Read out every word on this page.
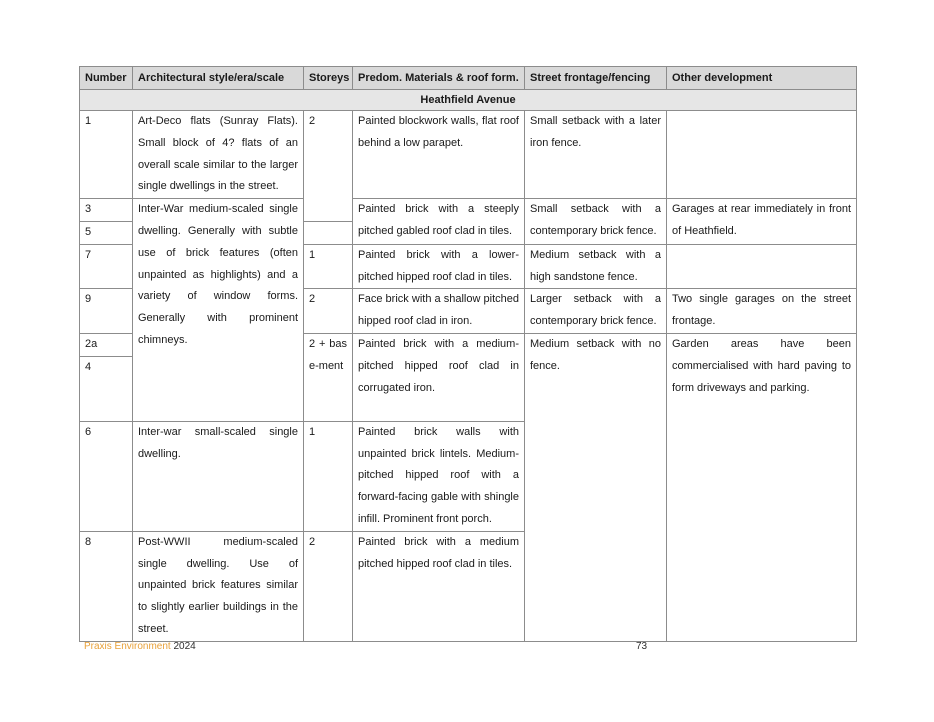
Number	Architectural style/era/scale	Storeys	Predom. Materials & roof form.	Street frontage/fencing	Other development
Heathfield Avenue					
1	Art-Deco flats (Sunray Flats). Small block of 4? flats of an overall scale similar to the larger single dwellings in the street.	2	Painted blockwork walls, flat roof behind a low parapet.	Small setback with a later iron fence.	
3	Inter-War medium-scaled single dwelling. Generally with subtle use of brick features (often unpainted as highlights) and a variety of window forms. Generally with prominent chimneys.		Painted brick with a steeply pitched gabled roof clad in tiles.	Small setback with a contemporary brick fence.	Garages at rear immediately in front of Heathfield.
5					
7		1	Painted brick with a lower-pitched hipped roof clad in tiles.	Medium setback with a high sandstone fence.	
9		2	Face brick with a shallow pitched hipped roof clad in iron.	Larger setback with a contemporary brick fence.	Two single garages on the street frontage.
2a		2 + base-ment	Painted brick with a medium-pitched hipped roof clad in corrugated iron.	Medium setback with no fence.	Garden areas have been commercialised with hard paving to form driveways and parking.
4					
6	Inter-war small-scaled single dwelling.	1	Painted brick walls with unpainted brick lintels. Medium-pitched hipped roof with a forward-facing gable with shingle infill. Prominent front porch.		
8	Post-WWII medium-scaled single dwelling. Use of unpainted brick features similar to slightly earlier buildings in the street.	2	Painted brick with a medium pitched hipped roof clad in tiles.		
Praxis Environment 2024	73
